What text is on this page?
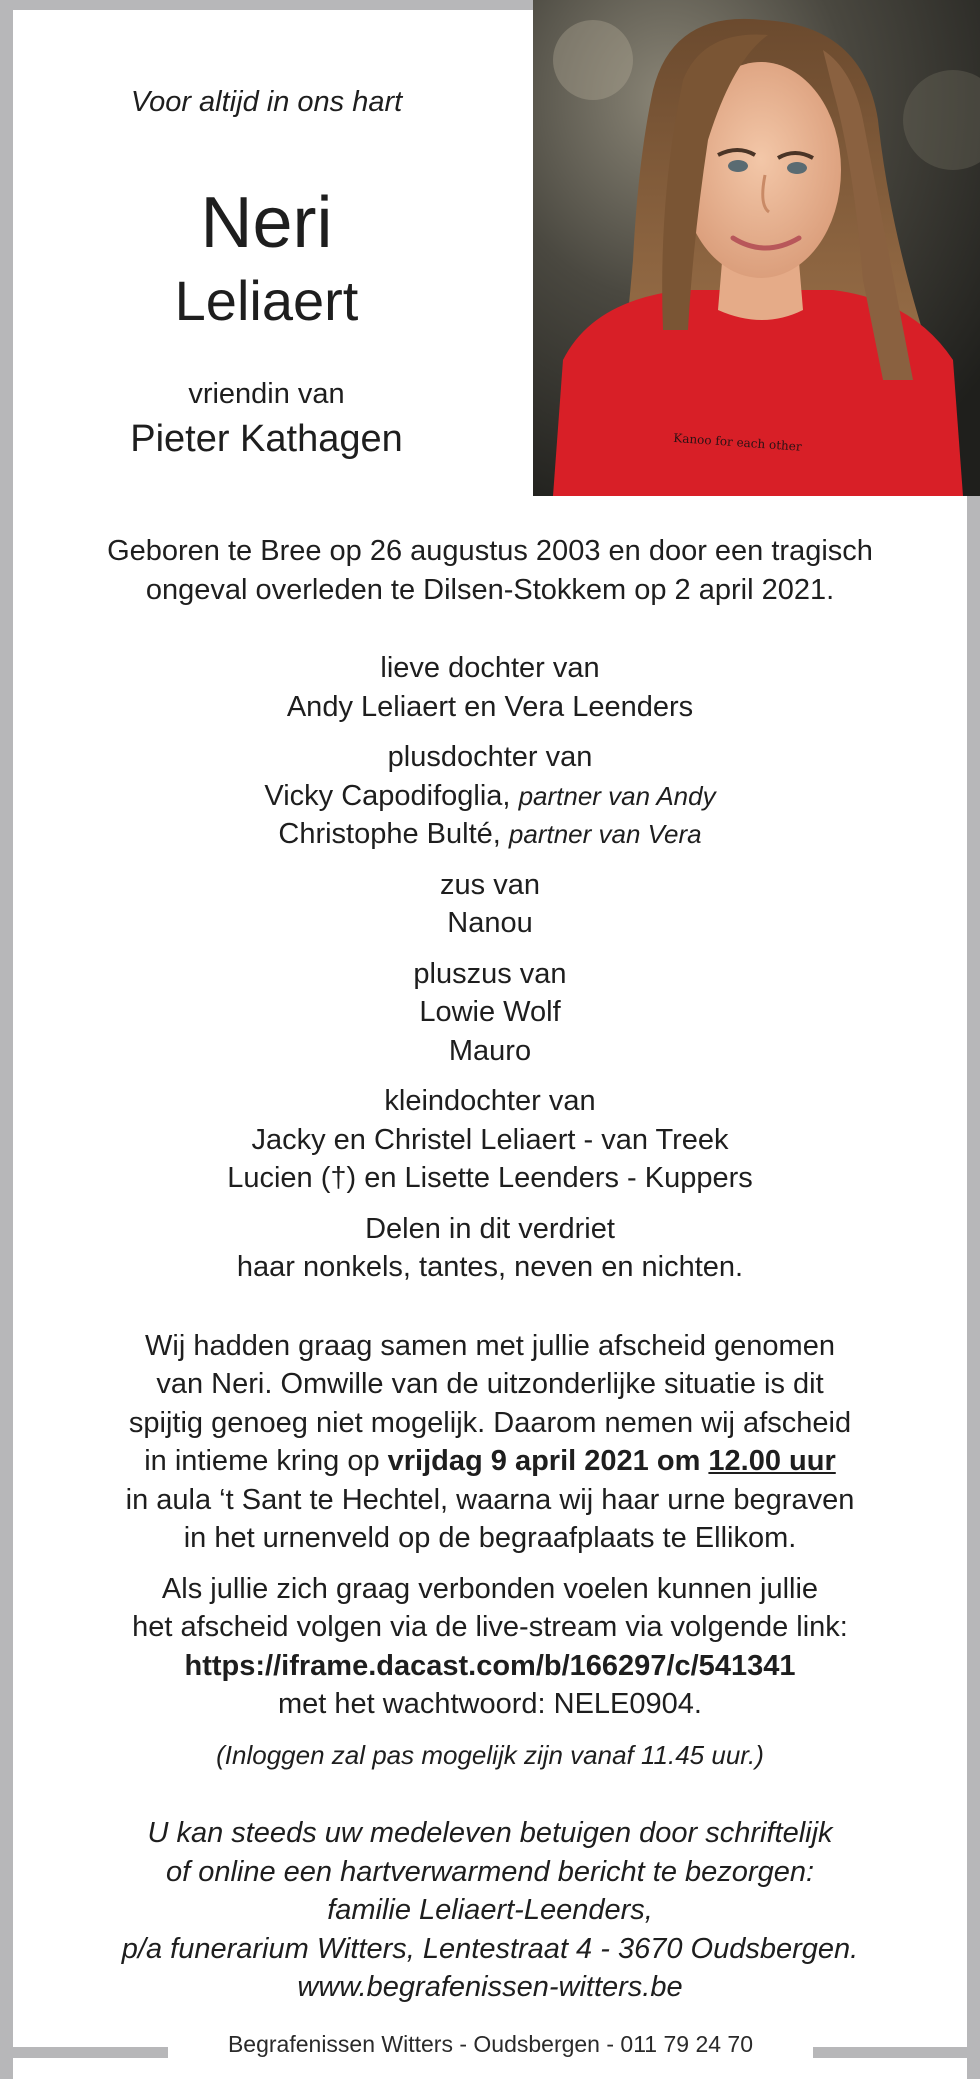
Kanoo for each other
Voor altijd in ons hart
Neri
Leliaert
vriendin van
Pieter Kathagen

Geboren te Bree op 26 augustus 2003 en door een tragisch

ongeval overleden te Dilsen-Stokkem op 2 april 2021.

lieve dochter van

Andy Leliaert en Vera Leenders

plusdochter van

Vicky Capodifoglia, partner van Andy

Christophe Bulté, partner van Vera

zus van

Nanou

pluszus van

Lowie Wolf

Mauro

kleindochter van

Jacky en Christel Leliaert - van Treek

Lucien (†) en Lisette Leenders - Kuppers

Delen in dit verdriet

haar nonkels, tantes, neven en nichten.

Wij hadden graag samen met jullie afscheid genomen

van Neri. Omwille van de uitzonderlijke situatie is dit

spijtig genoeg niet mogelijk. Daarom nemen wij afscheid

in intieme kring op vrijdag 9 april 2021 om 12.00 uur

in aula ‘t Sant te Hechtel, waarna wij haar urne begraven

in het urnenveld op de begraafplaats te Ellikom.

Als jullie zich graag verbonden voelen kunnen jullie

het afscheid volgen via de live-stream via volgende link:

https://iframe.dacast.com/b/166297/c/541341

met het wachtwoord: NELE0904.

(Inloggen zal pas mogelijk zijn vanaf 11.45 uur.)

U kan steeds uw medeleven betuigen door schriftelijk

of online een hartverwarmend bericht te bezorgen:

familie Leliaert-Leenders,

p/a funerarium Witters, Lentestraat 4 - 3670 Oudsbergen.

www.begrafenissen-witters.be

Begrafenissen Witters - Oudsbergen - 011 79 24 70
